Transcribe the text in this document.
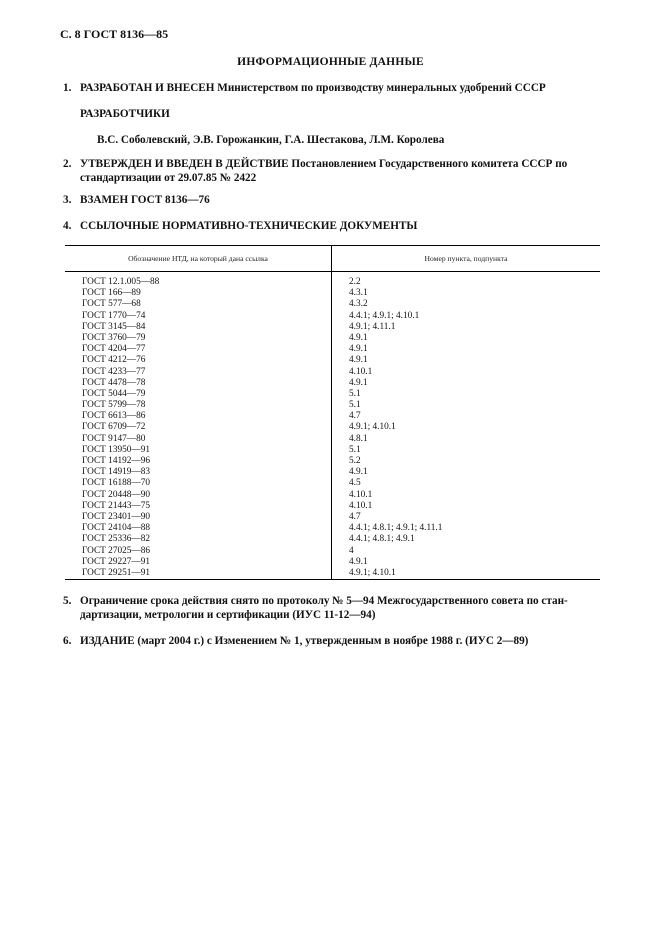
С. 8 ГОСТ 8136—85
ИНФОРМАЦИОННЫЕ ДАННЫЕ
1. РАЗРАБОТАН И ВНЕСЕН Министерством по производству минеральных удобрений СССР
РАЗРАБОТЧИКИ
В.С. Соболевский, Э.В. Горожанкин, Г.А. Шестакова, Л.М. Королева
2. УТВЕРЖДЕН И ВВЕДЕН В ДЕЙСТВИЕ Постановлением Государственного комитета СССР по
стандартизации от 29.07.85 № 2422
3. ВЗАМЕН ГОСТ 8136—76
4. ССЫЛОЧНЫЕ НОРМАТИВНО-ТЕХНИЧЕСКИЕ ДОКУМЕНТЫ
Обозначение НТД, на который дана ссылка	Номер пункта, подпункта
ГОСТ 12.1.005—88
ГОСТ 166—89
ГОСТ 577—68
ГОСТ 1770—74
ГОСТ 3145—84
ГОСТ 3760—79
ГОСТ 4204—77
ГОСТ 4212—76
ГОСТ 4233—77
ГОСТ 4478—78
ГОСТ 5044—79
ГОСТ 5799—78
ГОСТ 6613—86
ГОСТ 6709—72
ГОСТ 9147—80
ГОСТ 13950—91
ГОСТ 14192—96
ГОСТ 14919—83
ГОСТ 16188—70
ГОСТ 20448—90
ГОСТ 21443—75
ГОСТ 23401—90
ГОСТ 24104—88
ГОСТ 25336—82
ГОСТ 27025—86
ГОСТ 29227—91
ГОСТ 29251—91
2.2
4.3.1
4.3.2
4.4.1; 4.9.1; 4.10.1
4.9.1; 4.11.1
4.9.1
4.9.1
4.9.1
4.10.1
4.9.1
5.1
5.1
4.7
4.9.1; 4.10.1
4.8.1
5.1
5.2
4.9.1
4.5
4.10.1
4.10.1
4.7
4.4.1; 4.8.1; 4.9.1; 4.11.1
4.4.1; 4.8.1; 4.9.1
4
4.9.1
4.9.1; 4.10.1
5. Ограничение срока действия снято по протоколу № 5—94 Межгосударственного совета по стан-
дартизации, метрологии и сертификации (ИУС 11-12—94)
6. ИЗДАНИЕ (март 2004 г.) с Изменением № 1, утвержденным в ноябре 1988 г. (ИУС 2—89)
